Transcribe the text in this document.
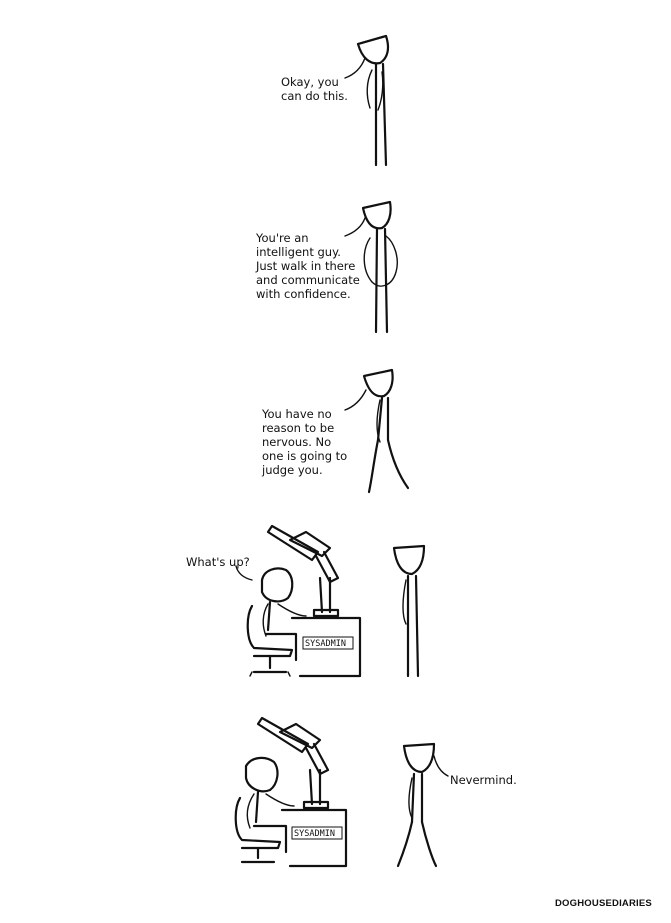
Okay, you can do this.
You're an intelligent guy. Just walk in there and communicate with confidence.
You have no reason to be nervous. No one is going to judge you.
SYSADMIN
What's up?
SYSADMIN
Nevermind.
DOGHOUSEDIARIES
